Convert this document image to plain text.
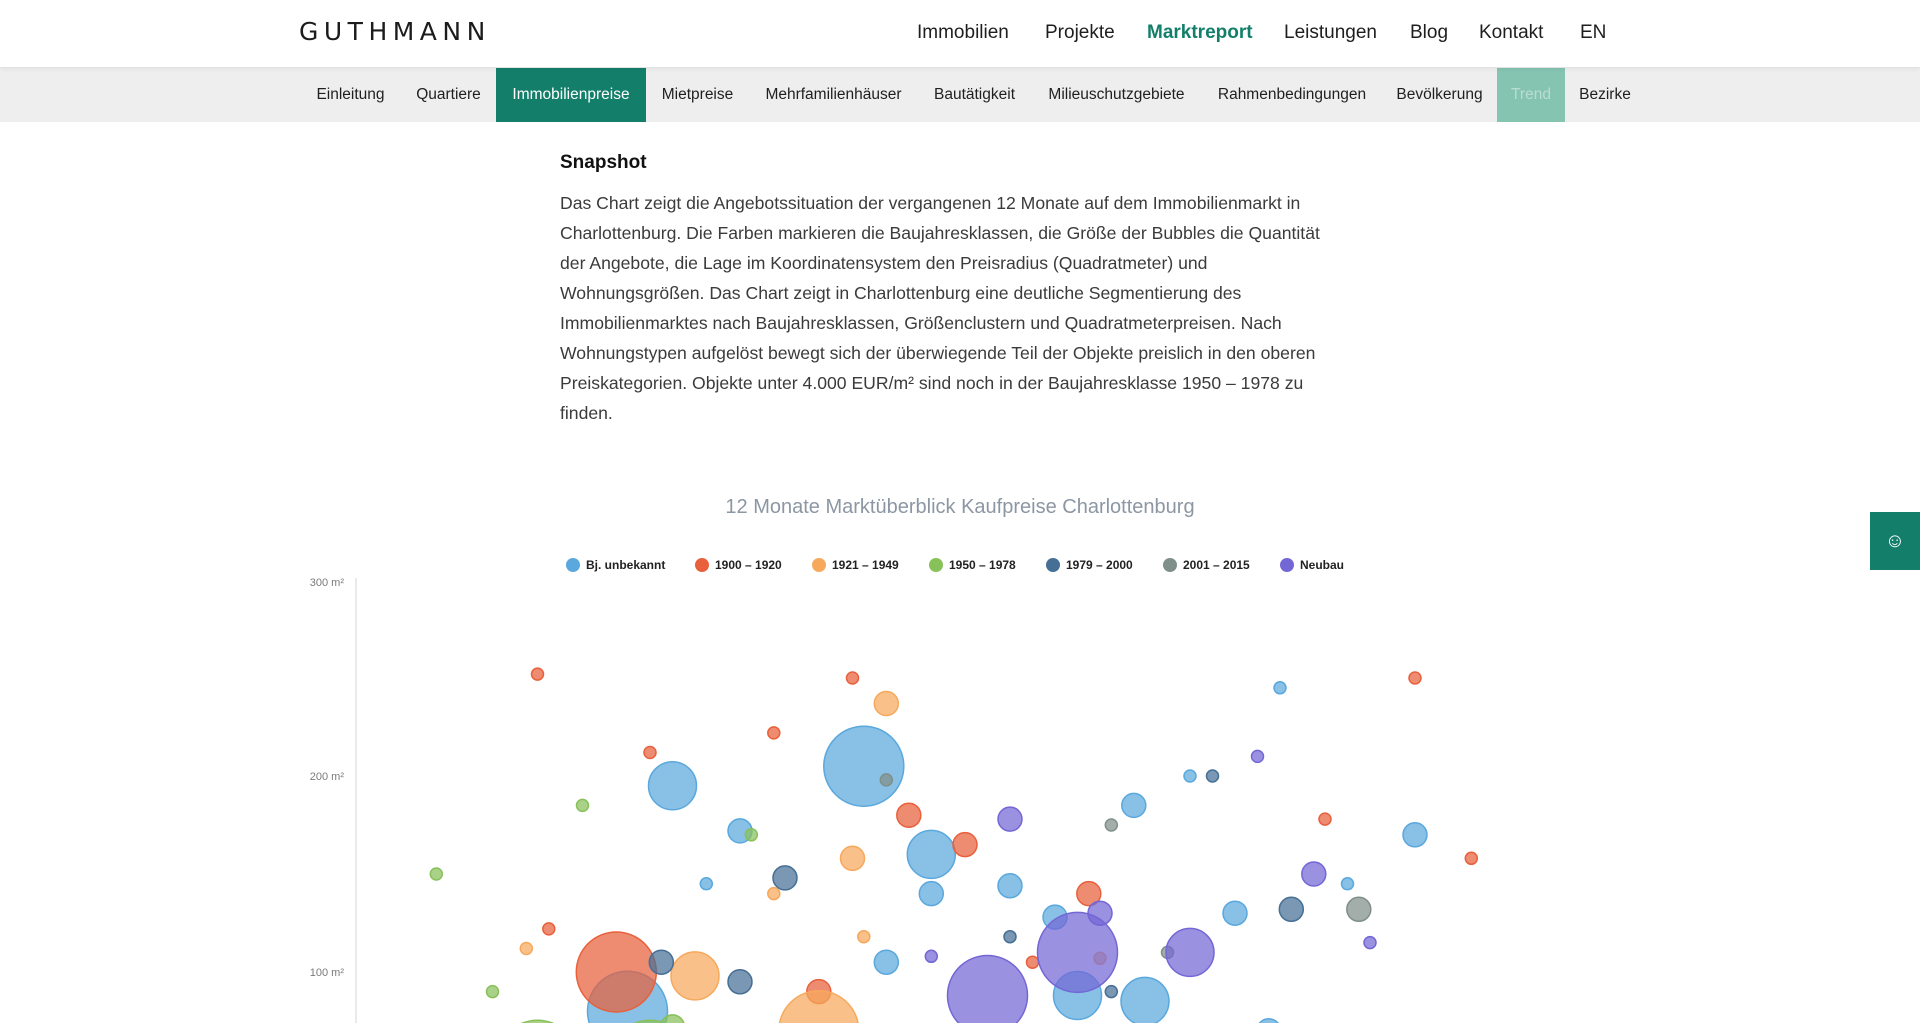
GUTHMANN	Immobilien Projekte Marktreport Leistungen Blog Kontakt EN
Einleitung	Quartiere	Immobilienpreise	Mietpreise	Mehrfamilienhäuser	Bautätigkeit	Milieuschutzgebiete	Rahmenbedingungen	Bevölkerung	Trend	Bezirke
Snapshot
Das Chart zeigt die Angebotssituation der vergangenen 12 Monate auf dem Immobilienmarkt in
Charlottenburg. Die Farben markieren die Baujahresklassen, die Größe der Bubbles die Quantität
der Angebote, die Lage im Koordinatensystem den Preisradius (Quadratmeter) und
Wohnungsgrößen. Das Chart zeigt in Charlottenburg eine deutliche Segmentierung des
Immobilienmarktes nach Baujahresklassen, Größenclustern und Quadratmeterpreisen. Nach
Wohnungstypen aufgelöst bewegt sich der überwiegende Teil der Objekte preislich in den oberen
Preiskategorien. Objekte unter 4.000 EUR/m² sind noch in der Baujahresklasse 1950 – 1978 zu
finden.
12 Monate Marktüberblick Kaufpreise Charlottenburg
Bj. unbekannt	1900 – 1920	1921 – 1949	1950 – 1978	1979 – 2000	2001 – 2015	Neubau
300 m²
200 m²
100 m²
☺
